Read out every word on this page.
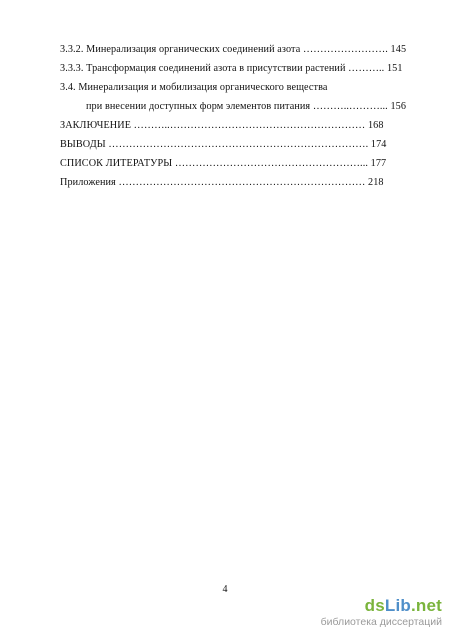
3.3.2. Минерализация органических соединений азота ……………………. 145
3.3.3. Трансформация соединений азота в присутствии растений ……….. 151
3.4. Минерализация и мобилизация органического вещества
при внесении доступных форм элементов питания ………..………... 156
ЗАКЛЮЧЕНИЕ ………..………………………………………………… 168
ВЫВОДЫ …………………………………………………………………. 174
СПИСОК ЛИТЕРАТУРЫ ………………………………………………... 177
Приложения ……………………………………………………………… 218
4
dsLib.net
библиотека диссертаций
